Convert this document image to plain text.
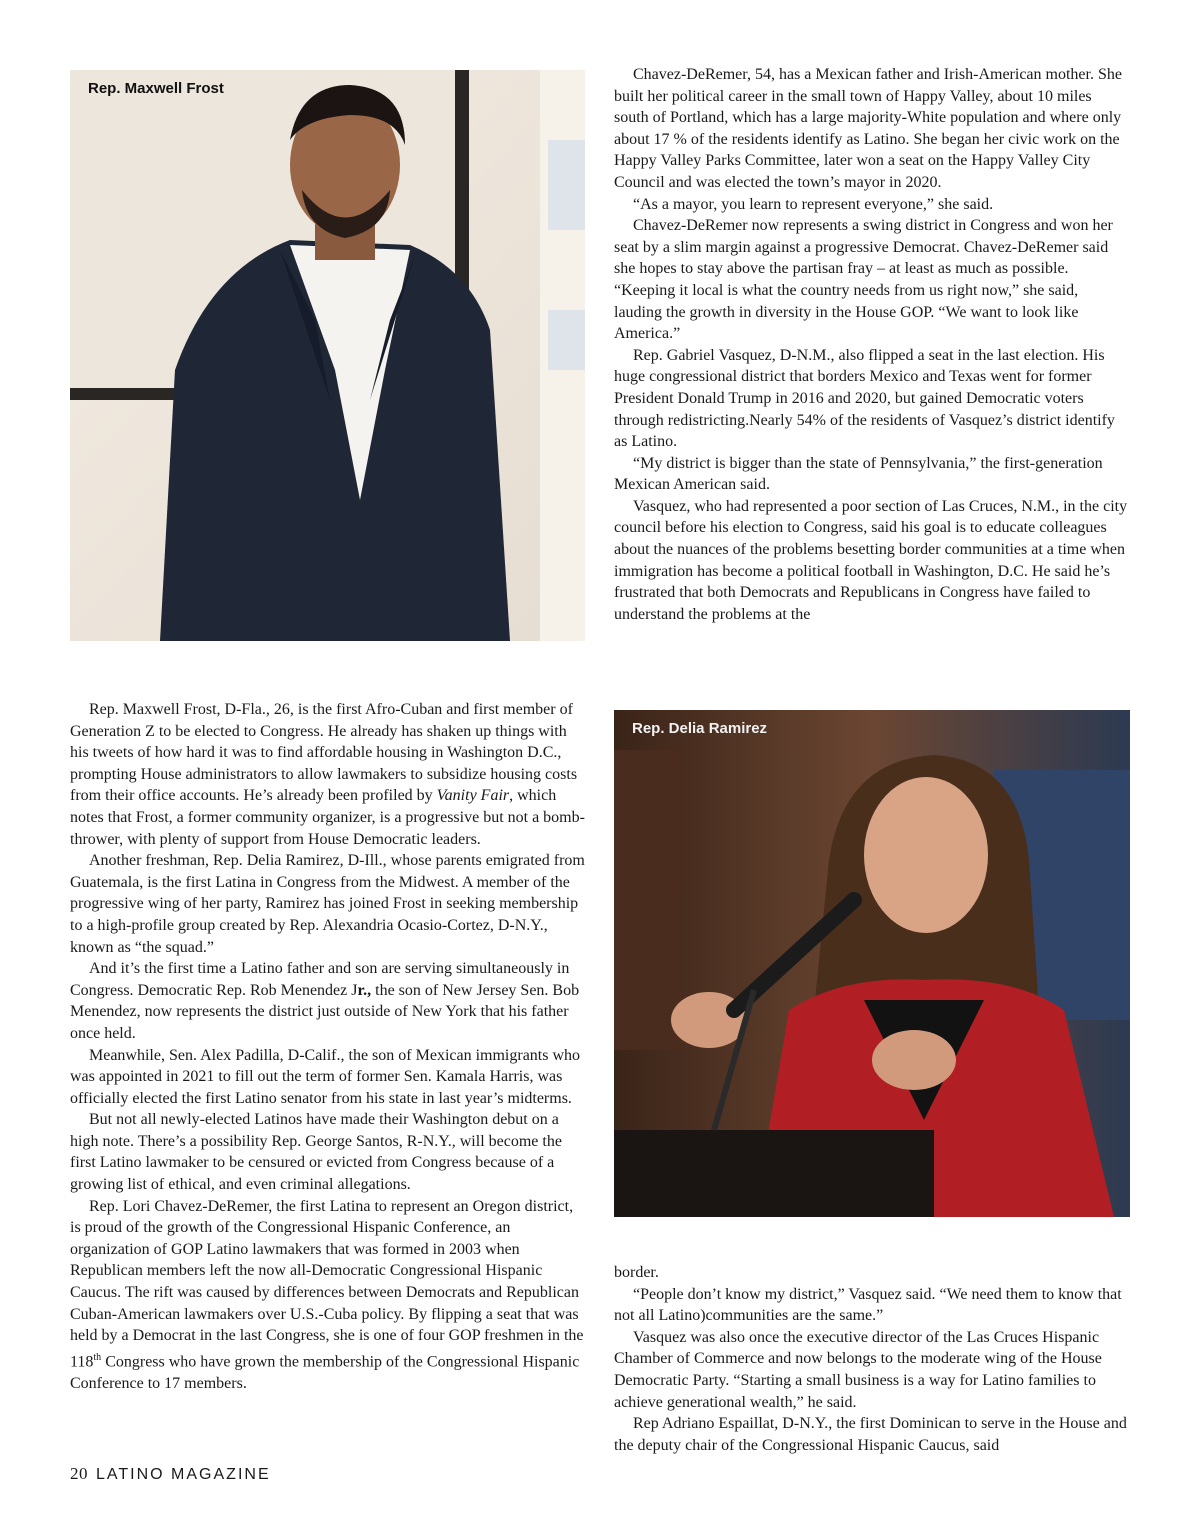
Rep. Maxwell Frost
Rep. Delia Ramirez

Chavez-DeRemer, 54, has a Mexican father and Irish-American mother. She built her political career in the small town of Happy Valley, about 10 miles south of Portland, which has a large majority-White population and where only about 17 % of the residents identify as Latino. She began her civic work on the Happy Valley Parks Committee, later won a seat on the Happy Valley City Council and was elected the town’s mayor in 2020.

“As a mayor, you learn to represent everyone,” she said.

Chavez-DeRemer now represents a swing district in Congress and won her seat by a slim margin against a progressive Democrat. Chavez-DeRemer said she hopes to stay above the partisan fray – at least as much as possible. “Keeping it local is what the country needs from us right now,” she said, lauding the growth in diversity in the House GOP. “We want to look like America.”

Rep. Gabriel Vasquez, D-N.M., also flipped a seat in the last election. His huge congressional district that borders Mexico and Texas went for former President Donald Trump in 2016 and 2020, but gained Democratic voters through redistricting.Nearly 54% of the residents of Vasquez’s district identify as Latino.

“My district is bigger than the state of Pennsylvania,” the first-generation Mexican American said.

Vasquez, who had represented a poor section of Las Cruces, N.M., in the city council before his election to Congress, said his goal is to educate colleagues about the nuances of the problems besetting border communities at a time when immigration has become a political football in Washington, D.C. He said he’s frustrated that both Democrats and Republicans in Congress have failed to understand the problems at the

Rep. Maxwell Frost, D-Fla., 26, is the first Afro-Cuban and first member of Generation Z to be elected to Congress. He already has shaken up things with his tweets of how hard it was to find affordable housing in Washington D.C., prompting House administrators to allow lawmakers to subsidize housing costs from their office accounts. He’s already been profiled by Vanity Fair, which notes that Frost, a former community organizer, is a progressive but not a bomb-thrower, with plenty of support from House Democratic leaders.

Another freshman, Rep. Delia Ramirez, D-Ill., whose parents emigrated from Guatemala, is the first Latina in Congress from the Midwest. A member of the progressive wing of her party, Ramirez has joined Frost in seeking membership to a high-profile group created by Rep. Alexandria Ocasio-Cortez, D-N.Y., known as “the squad.”

And it’s the first time a Latino father and son are serving simultaneously in Congress. Democratic Rep. Rob Menendez Jr., the son of New Jersey Sen. Bob Menendez, now represents the district just outside of New York that his father once held.

Meanwhile, Sen. Alex Padilla, D-Calif., the son of Mexican immigrants who was appointed in 2021 to fill out the term of former Sen. Kamala Harris, was officially elected the first Latino senator from his state in last year’s midterms.

But not all newly-elected Latinos have made their Washington debut on a high note. There’s a possibility Rep. George Santos, R-N.Y., will become the first Latino lawmaker to be censured or evicted from Congress because of a growing list of ethical, and even criminal allegations.

Rep. Lori Chavez-DeRemer, the first Latina to represent an Oregon district, is proud of the growth of the Congressional Hispanic Conference, an organization of GOP Latino lawmakers that was formed in 2003 when Republican members left the now all-Democratic Congressional Hispanic Caucus. The rift was caused by differences between Democrats and Republican Cuban-American lawmakers over U.S.-Cuba policy. By flipping a seat that was held by a Democrat in the last Congress, she is one of four GOP freshmen in the 118th Congress who have grown the membership of the Congressional Hispanic Conference to 17 members.

border.

“People don’t know my district,” Vasquez said. “We need them to know that not all Latino)communities are the same.”

Vasquez was also once the executive director of the Las Cruces Hispanic Chamber of Commerce and now belongs to the moderate wing of the House Democratic Party. “Starting a small business is a way for Latino families to achieve generational wealth,” he said.

Rep Adriano Espaillat, D-N.Y., the first Dominican to serve in the House and the deputy chair of the Congressional Hispanic Caucus, said

20 LATINO MAGAZINE
